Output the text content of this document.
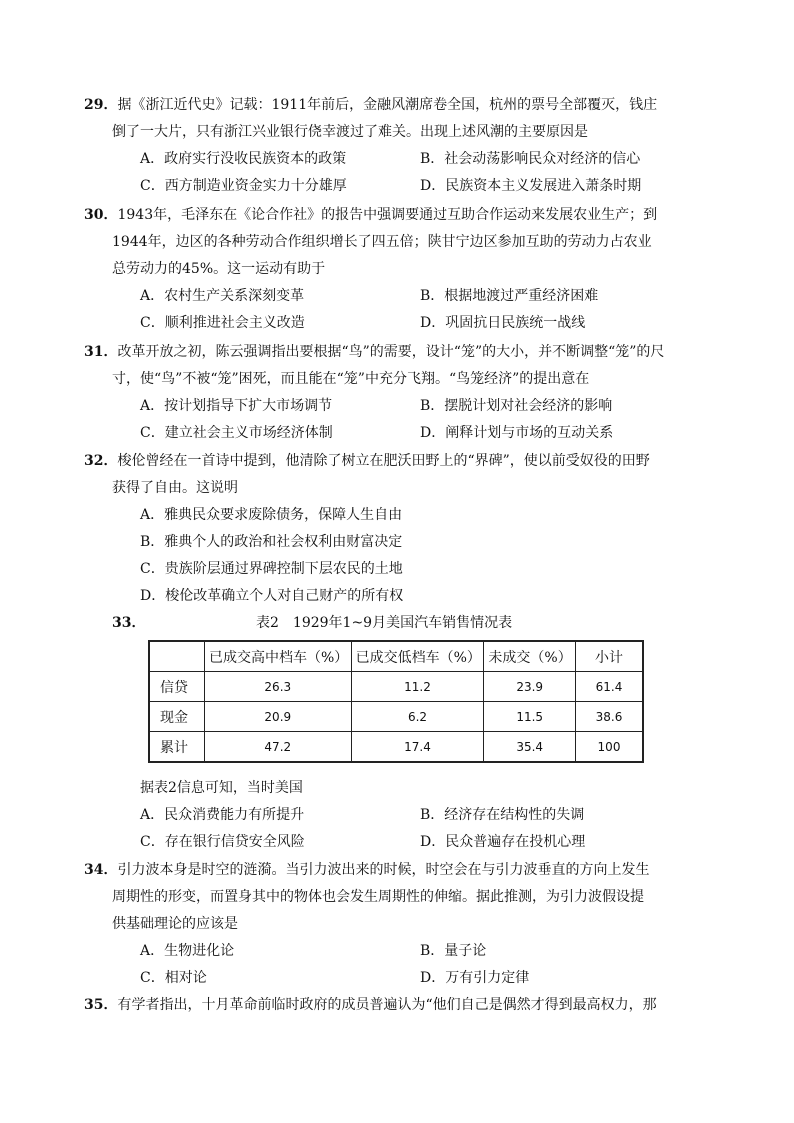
29．据《浙江近代史》记载：1911年前后，金融风潮席卷全国，杭州的票号全部覆灭，钱庄
倒了一大片，只有浙江兴业银行侥幸渡过了难关。出现上述风潮的主要原因是
A．政府实行没收民族资本的政策	B．社会动荡影响民众对经济的信心
C．西方制造业资金实力十分雄厚	D．民族资本主义发展进入萧条时期
30．1943年，毛泽东在《论合作社》的报告中强调要通过互助合作运动来发展农业生产；到
1944年，边区的各种劳动合作组织增长了四五倍；陕甘宁边区参加互助的劳动力占农业
总劳动力的45%。这一运动有助于
A．农村生产关系深刻变革	B．根据地渡过严重经济困难
C．顺利推进社会主义改造	D．巩固抗日民族统一战线
31．改革开放之初，陈云强调指出要根据“鸟”的需要，设计“笼”的大小，并不断调整“笼”的尺
寸，使“鸟”不被“笼”困死，而且能在“笼”中充分飞翔。“鸟笼经济”的提出意在
A．按计划指导下扩大市场调节	B．摆脱计划对社会经济的影响
C．建立社会主义市场经济体制	D．阐释计划与市场的互动关系
32．梭伦曾经在一首诗中提到，他清除了树立在肥沃田野上的“界碑”，使以前受奴役的田野
获得了自由。这说明
A．雅典民众要求废除债务，保障人生自由
B．雅典个人的政治和社会权利由财富决定
C．贵族阶层通过界碑控制下层农民的土地
D．梭伦改革确立个人对自己财产的所有权
33．	表2　1929年1~9月美国汽车销售情况表
	已成交高中档车（%）	已成交低档车（%）	未成交（%）	小计
信贷	26.3	11.2	23.9	61.4
现金	20.9	6.2	11.5	38.6
累计	47.2	17.4	35.4	100
据表2信息可知，当时美国
A．民众消费能力有所提升	B．经济存在结构性的失调
C．存在银行信贷安全风险	D．民众普遍存在投机心理
34．引力波本身是时空的涟漪。当引力波出来的时候，时空会在与引力波垂直的方向上发生
周期性的形变，而置身其中的物体也会发生周期性的伸缩。据此推测，为引力波假设提
供基础理论的应该是
A．生物进化论	B．量子论
C．相对论	D．万有引力定律
35．有学者指出，十月革命前临时政府的成员普遍认为“他们自己是偶然才得到最高权力，那
